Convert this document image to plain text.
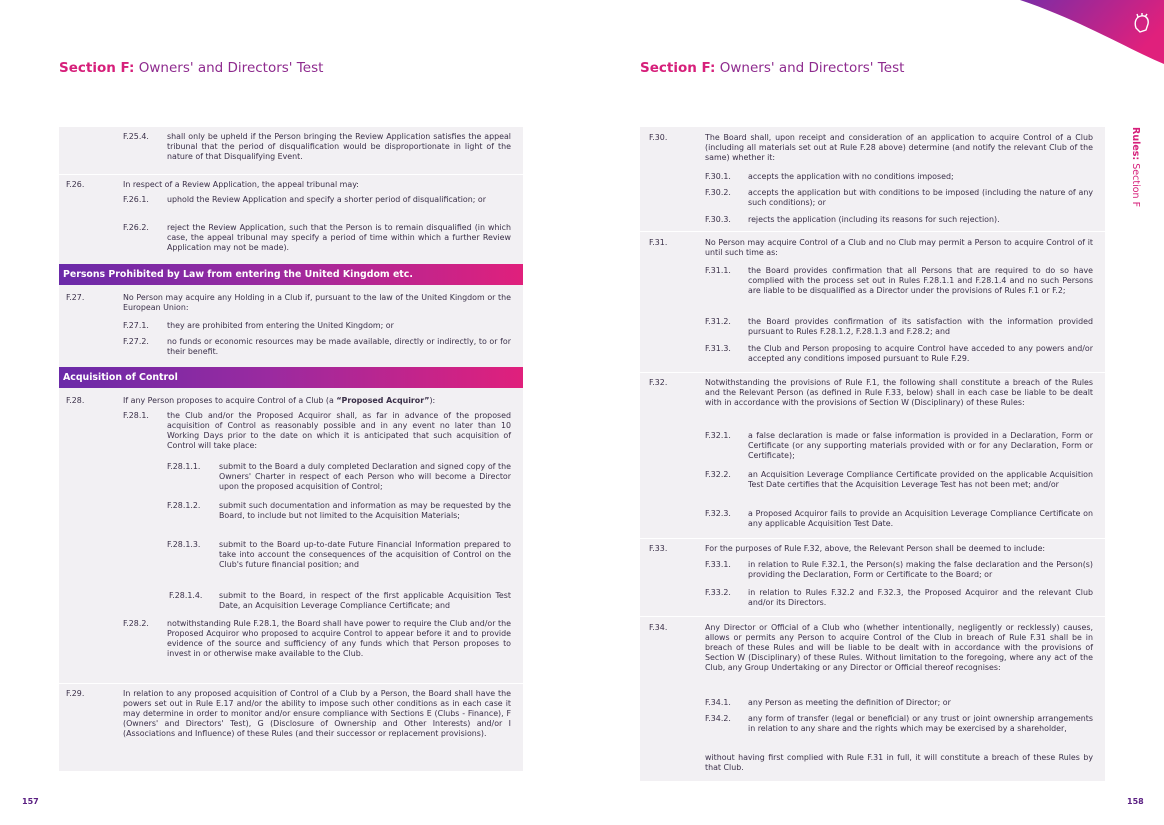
Section F: Owners' and Directors' Test	Section F: Owners' and Directors' Test
Rules: Section F
F.25.4. shall only be upheld if the Person bringing the Review Application satisfies the appeal tribunal that the period of disqualification would be disproportionate in light of the nature of that Disqualifying Event.
F.26.	In respect of a Review Application, the appeal tribunal may:
F.26.1. uphold the Review Application and specify a shorter period of disqualification; or
F.26.2. reject the Review Application, such that the Person is to remain disqualified (in which case, the appeal tribunal may specify a period of time within which a further Review Application may not be made).
Persons Prohibited by Law from entering the United Kingdom etc.
F.27.	No Person may acquire any Holding in a Club if, pursuant to the law of the United Kingdom or the European Union:
F.27.1. they are prohibited from entering the United Kingdom; or
F.27.2. no funds or economic resources may be made available, directly or indirectly, to or for their benefit.
Acquisition of Control
F.28.	If any Person proposes to acquire Control of a Club (a “Proposed Acquiror”):
F.28.1. the Club and/or the Proposed Acquiror shall, as far in advance of the proposed acquisition of Control as reasonably possible and in any event no later than 10 Working Days prior to the date on which it is anticipated that such acquisition of Control will take place:
F.28.1.1. submit to the Board a duly completed Declaration and signed copy of the Owners' Charter in respect of each Person who will become a Director upon the proposed acquisition of Control;
F.28.1.2. submit such documentation and information as may be requested by the Board, to include but not limited to the Acquisition Materials;
F.28.1.3. submit to the Board up-to-date Future Financial Information prepared to take into account the consequences of the acquisition of Control on the Club's future financial position; and
F.28.1.4. submit to the Board, in respect of the first applicable Acquisition Test Date, an Acquisition Leverage Compliance Certificate; and
F.28.2. notwithstanding Rule F.28.1, the Board shall have power to require the Club and/or the Proposed Acquiror who proposed to acquire Control to appear before it and to provide evidence of the source and sufficiency of any funds which that Person proposes to invest in or otherwise make available to the Club.
F.29.	In relation to any proposed acquisition of Control of a Club by a Person, the Board shall have the powers set out in Rule E.17 and/or the ability to impose such other conditions as in each case it may determine in order to monitor and/or ensure compliance with Sections E (Clubs - Finance), F (Owners' and Directors' Test), G (Disclosure of Ownership and Other Interests) and/or I (Associations and Influence) of these Rules (and their successor or replacement provisions).
F.30.	The Board shall, upon receipt and consideration of an application to acquire Control of a Club (including all materials set out at Rule F.28 above) determine (and notify the relevant Club of the same) whether it:
F.30.1. accepts the application with no conditions imposed;
F.30.2. accepts the application but with conditions to be imposed (including the nature of any such conditions); or
F.30.3. rejects the application (including its reasons for such rejection).
F.31.	No Person may acquire Control of a Club and no Club may permit a Person to acquire Control of it until such time as:
F.31.1. the Board provides confirmation that all Persons that are required to do so have complied with the process set out in Rules F.28.1.1 and F.28.1.4 and no such Persons are liable to be disqualified as a Director under the provisions of Rules F.1 or F.2;
F.31.2. the Board provides confirmation of its satisfaction with the information provided pursuant to Rules F.28.1.2, F.28.1.3 and F.28.2; and
F.31.3. the Club and Person proposing to acquire Control have acceded to any powers and/or accepted any conditions imposed pursuant to Rule F.29.
F.32.	Notwithstanding the provisions of Rule F.1, the following shall constitute a breach of the Rules and the Relevant Person (as defined in Rule F.33, below) shall in each case be liable to be dealt with in accordance with the provisions of Section W (Disciplinary) of these Rules:
F.32.1. a false declaration is made or false information is provided in a Declaration, Form or Certificate (or any supporting materials provided with or for any Declaration, Form or Certificate);
F.32.2. an Acquisition Leverage Compliance Certificate provided on the applicable Acquisition Test Date certifies that the Acquisition Leverage Test has not been met; and/or
F.32.3. a Proposed Acquiror fails to provide an Acquisition Leverage Compliance Certificate on any applicable Acquisition Test Date.
F.33.	For the purposes of Rule F.32, above, the Relevant Person shall be deemed to include:
F.33.1. in relation to Rule F.32.1, the Person(s) making the false declaration and the Person(s) providing the Declaration, Form or Certificate to the Board; or
F.33.2. in relation to Rules F.32.2 and F.32.3, the Proposed Acquiror and the relevant Club and/or its Directors.
F.34.	Any Director or Official of a Club who (whether intentionally, negligently or recklessly) causes, allows or permits any Person to acquire Control of the Club in breach of Rule F.31 shall be in breach of these Rules and will be liable to be dealt with in accordance with the provisions of Section W (Disciplinary) of these Rules. Without limitation to the foregoing, where any act of the Club, any Group Undertaking or any Director or Official thereof recognises:
F.34.1. any Person as meeting the definition of Director; or
F.34.2. any form of transfer (legal or beneficial) or any trust or joint ownership arrangements in relation to any share and the rights which may be exercised by a shareholder,
without having first complied with Rule F.31 in full, it will constitute a breach of these Rules by that Club.
157	158
